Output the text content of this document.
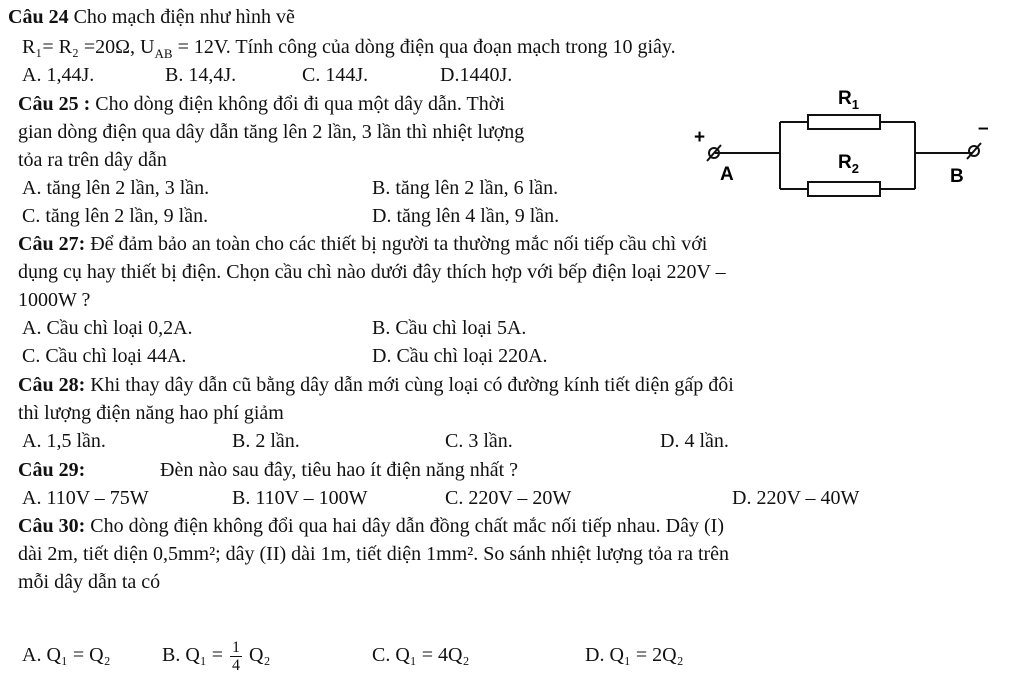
Câu 24 Cho mạch điện như hình vẽ
R₁= R₂ =20Ω, $U_{AB} = 12V$. Tính công của dòng điện qua đoạn mạch trong 10 giây.
A. 1,44J.	B. 14,4J.	C. 144J.	D.1440J.
Câu 25 : Cho dòng điện không đổi đi qua một dây dẫn. Thời
gian dòng điện qua dây dẫn tăng lên 2 lần, 3 lần thì nhiệt lượng
tỏa ra trên dây dẫn
A. tăng lên 2 lần, 3 lần.	B. tăng lên 2 lần, 6 lần.
C. tăng lên 2 lần, 9 lần.	D. tăng lên 4 lần, 9 lần.
+
A
–
B
$R_1$
$R_2$
Câu 27: Để đảm bảo an toàn cho các thiết bị người ta thường mắc nối tiếp cầu chì với
dụng cụ hay thiết bị điện. Chọn cầu chì nào dưới đây thích hợp với bếp điện loại 220V –
1000W ?
A. Cầu chì loại 0,2A.	B. Cầu chì loại 5A.
C. Cầu chì loại 44A.	D. Cầu chì loại 220A.
Câu 28: Khi thay dây dẫn cũ bằng dây dẫn mới cùng loại có đường kính tiết diện gấp đôi
thì lượng điện năng hao phí giảm
A. 1,5 lần.	B. 2 lần.	C. 3 lần.	D. 4 lần.
Câu 29:	Đèn nào sau đây, tiêu hao ít điện năng nhất ?
A. 110V – 75W	B. 110V – 100W	C. 220V – 20W	D. 220V – 40W
Câu 30: Cho dòng điện không đổi qua hai dây dẫn đồng chất mắc nối tiếp nhau. Dây (I)
dài 2m, tiết diện 0,5mm²; dây (II) dài 1m, tiết diện 1mm². So sánh nhiệt lượng tỏa ra trên
mỗi dây dẫn ta có
A. Q₁ = Q₂	B. $Q_1 = \frac{1}{4} Q_2$	C. Q₁ = 4Q₂	D. Q₁ = 2Q₂
